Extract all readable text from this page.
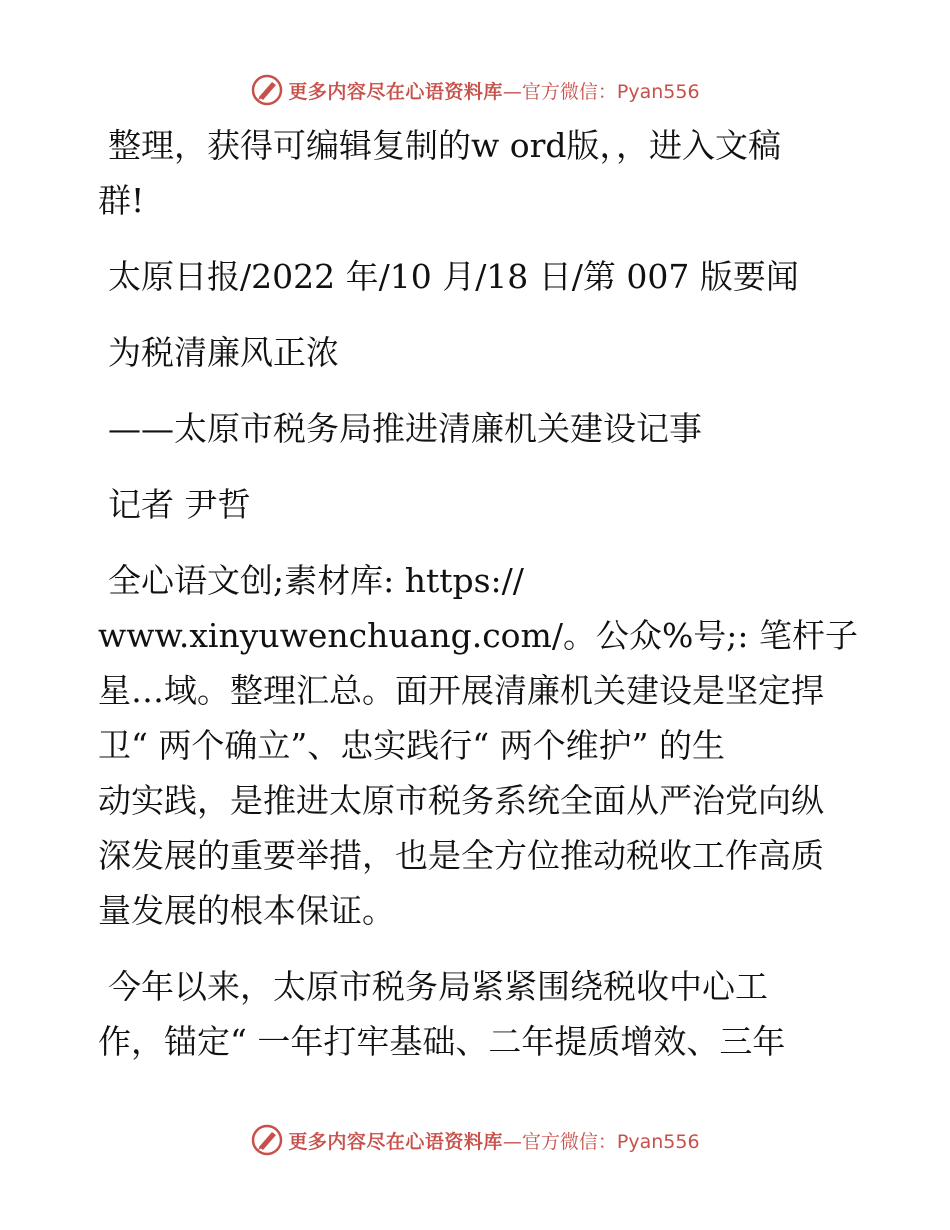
更多内容尽在心语资料库 —官方微信：Pyan556

整理，获得可编辑复制的w ord版，，进入文稿

群!

太原日报/2022 年/10 月/18 日/第 007 版要闻

为税清廉风正浓

——太原市税务局推进清廉机关建设记事

记者 尹哲

全心语文创;素材库: https://

www.xinyuwenchuang.com/。公众%号;: 笔杆子

星…域。整理汇总。面开展清廉机关建设是坚定捍

卫“ 两个确立”、忠实践行“ 两个维护” 的生

动实践，是推进太原市税务系统全面从严治党向纵

深发展的重要举措，也是全方位推动税收工作高质

量发展的根本保证。

今年以来，太原市税务局紧紧围绕税收中心工

作，锚定“ 一年打牢基础、二年提质增效、三年

更多内容尽在心语资料库 —官方微信：Pyan556
